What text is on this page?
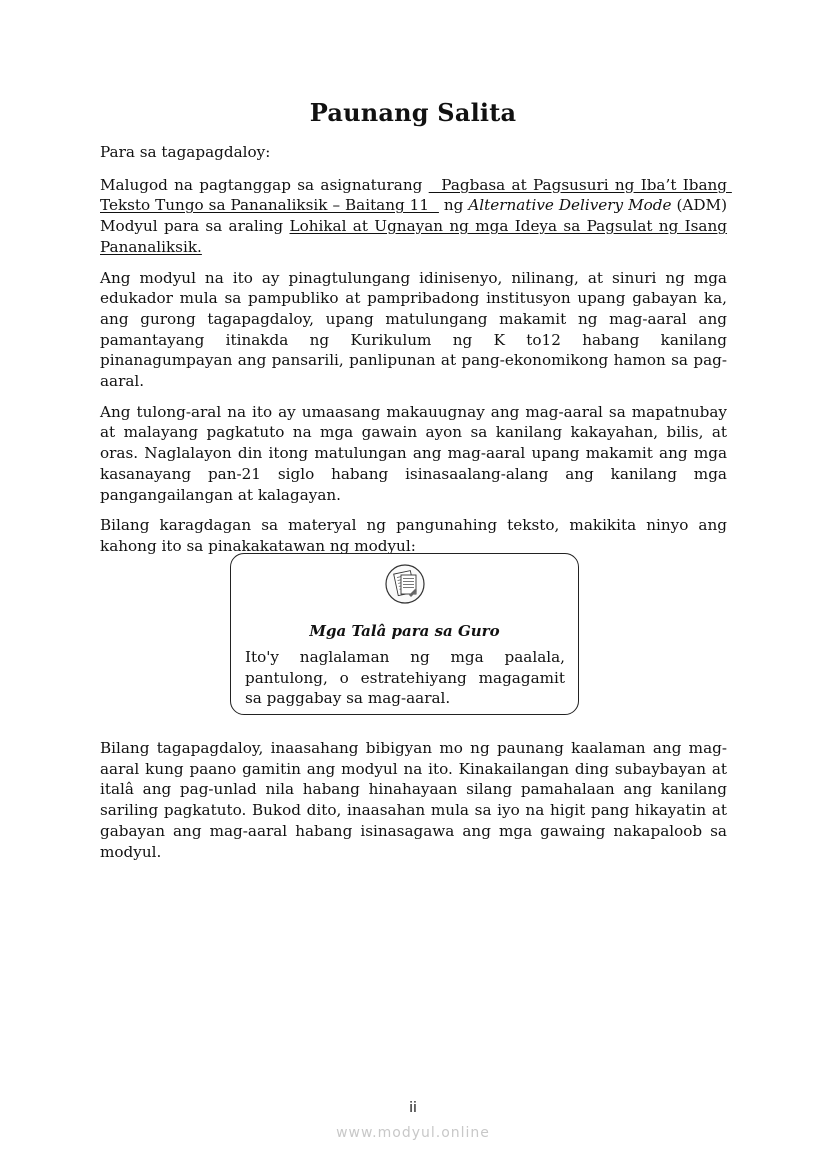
Paunang Salita

Para sa tagapagdaloy:

Malugod na pagtanggap sa asignaturang   Pagbasa at Pagsusuri ng Iba’t Ibang Teksto Tungo sa Pananaliksik – Baitang 11   ng Alternative Delivery Mode (ADM) Modyul para sa araling Lohikal at Ugnayan ng mga Ideya sa Pagsulat ng Isang Pananaliksik.

Ang modyul na ito ay pinagtulungang idinisenyo, nilinang, at sinuri ng mga edukador mula sa pampubliko at pampribadong institusyon upang gabayan ka, ang gurong tagapagdaloy, upang matulungang makamit ng mag-aaral ang pamantayang itinakda ng Kurikulum ng K to12 habang kanilang pinanagumpayan ang pansarili, panlipunan at pang-ekonomikong hamon sa pag-aaral.

Ang tulong-aral na ito ay umaasang makauugnay ang mag-aaral sa mapatnubay at malayang pagkatuto na mga gawain ayon sa kanilang kakayahan, bilis, at oras. Naglalayon din itong matulungan ang mag-aaral upang makamit ang mga kasanayang pan-21 siglo habang isinasaalang-alang ang kanilang mga pangangailangan at kalagayan.

Bilang karagdagan sa materyal ng pangunahing teksto, makikita ninyo ang kahong ito sa pinakakatawan ng modyul:

Mga Talâ para sa Guro
Ito'y naglalaman ng mga paalala, pantulong, o estratehiyang magagamit sa paggabay sa mag-aaral.
Bilang tagapagdaloy, inaasahang bibigyan mo ng paunang kaalaman ang mag-aaral kung paano gamitin ang modyul na ito. Kinakailangan ding subaybayan at italâ ang pag-unlad nila habang hinahayaan silang pamahalaan ang kanilang sariling pagkatuto. Bukod dito, inaasahan mula sa iyo na higit pang hikayatin at gabayan ang mag-aaral habang isinasagawa ang mga gawaing nakapaloob sa modyul.
ii
www.modyul.online
